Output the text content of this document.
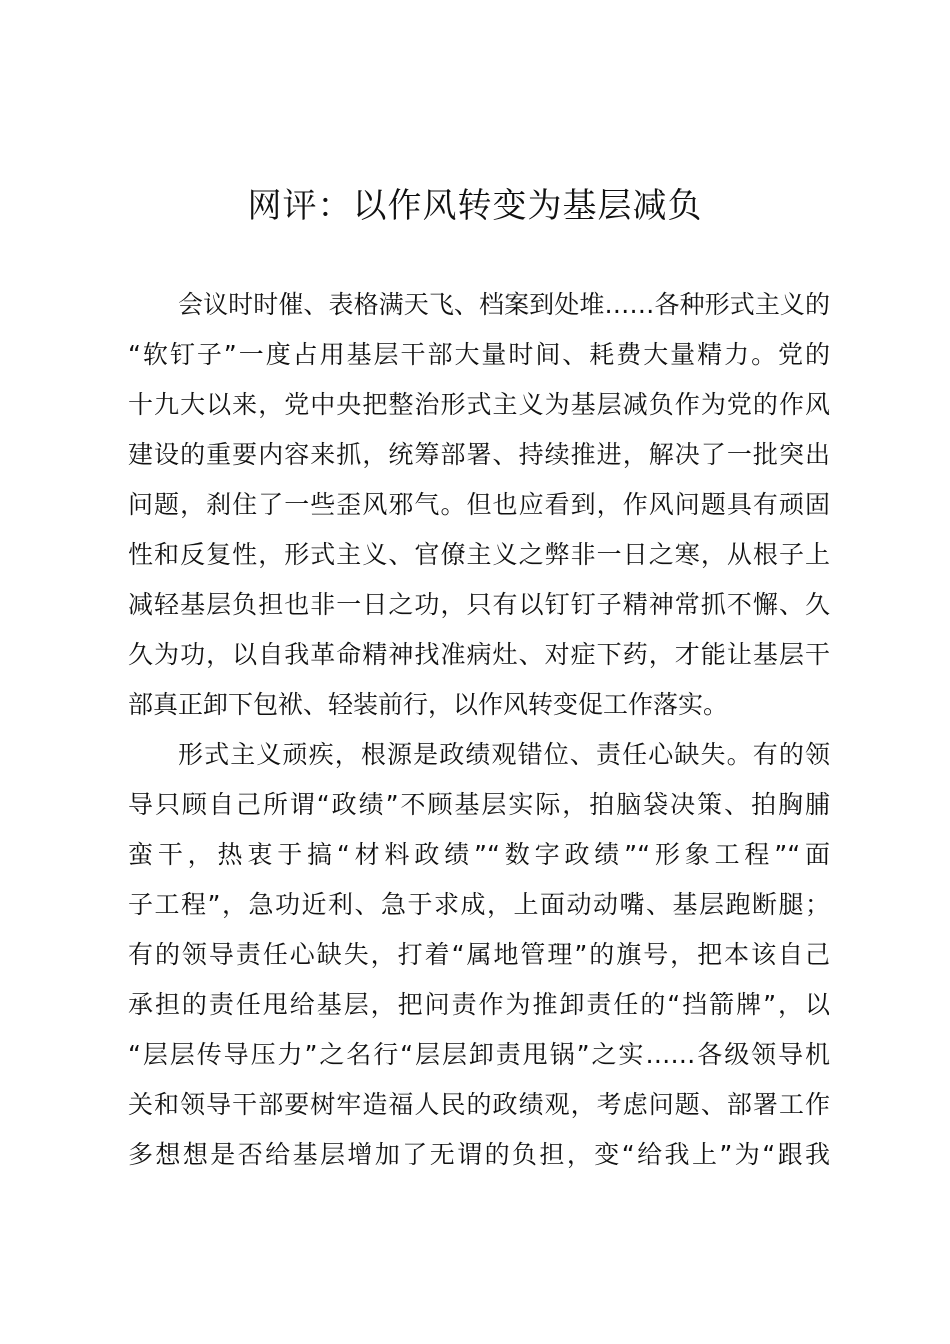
网评：以作风转变为基层减负
会议时时催、表格满天飞、档案到处堆……各种形式主义的
“软钉子”一度占用基层干部大量时间、耗费大量精力。党的
十九大以来，党中央把整治形式主义为基层减负作为党的作风
建设的重要内容来抓，统筹部署、持续推进，解决了一批突出
问题，刹住了一些歪风邪气。但也应看到，作风问题具有顽固
性和反复性，形式主义、官僚主义之弊非一日之寒，从根子上
减轻基层负担也非一日之功，只有以钉钉子精神常抓不懈、久
久为功，以自我革命精神找准病灶、对症下药，才能让基层干
部真正卸下包袱、轻装前行，以作风转变促工作落实。
形式主义顽疾，根源是政绩观错位、责任心缺失。有的领
导只顾自己所谓“政绩”不顾基层实际，拍脑袋决策、拍胸脯
蛮干，热衷于搞“材料政绩”“数字政绩”“形象工程”“面
子工程”，急功近利、急于求成，上面动动嘴、基层跑断腿；
有的领导责任心缺失，打着“属地管理”的旗号，把本该自己
承担的责任甩给基层，把问责作为推卸责任的“挡箭牌”，以
“层层传导压力”之名行“层层卸责甩锅”之实……各级领导机
关和领导干部要树牢造福人民的政绩观，考虑问题、部署工作
多想想是否给基层增加了无谓的负担，变“给我上”为“跟我
